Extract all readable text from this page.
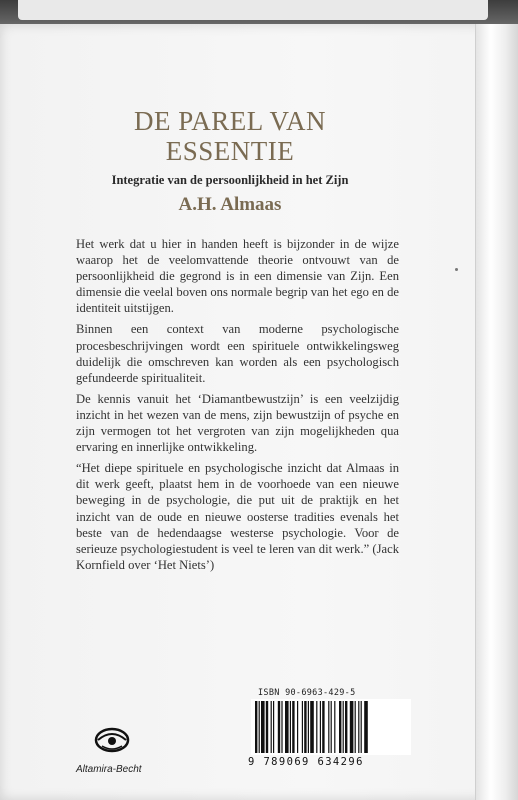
DE PAREL VAN
ESSENTIE

Integratie van de persoonlijkheid in het Zijn

A.H. Almaas

Het werk dat u hier in handen heeft is bijzonder in de wijze waarop het de veelomvattende theorie ontvouwt van de persoonlijkheid die gegrond is in een dimensie van Zijn. Een dimensie die veelal boven ons normale begrip van het ego en de identiteit uitstijgen.

Binnen een context van moderne psychologische procesbeschrijvingen wordt een spirituele ontwikkelingsweg duidelijk die omschreven kan worden als een psychologisch gefundeerde spiritualiteit.

De kennis vanuit het ‘Diamantbewustzijn’ is een veelzijdig inzicht in het wezen van de mens, zijn bewustzijn of psyche en zijn vermogen tot het vergroten van zijn mogelijkheden qua ervaring en innerlijke ontwikkeling.

“Het diepe spirituele en psychologische inzicht dat Almaas in dit werk geeft, plaatst hem in de voorhoede van een nieuwe beweging in de psychologie, die put uit de praktijk en het inzicht van de oude en nieuwe oosterse tradities evenals het beste van de hedendaagse westerse psychologie. Voor de serieuze psychologiestudent is veel te leren van dit werk.” (Jack Kornfield over ‘Het Niets’)

ISBN 90-6963-429-5
9 789069 634296
Altamira-Becht
